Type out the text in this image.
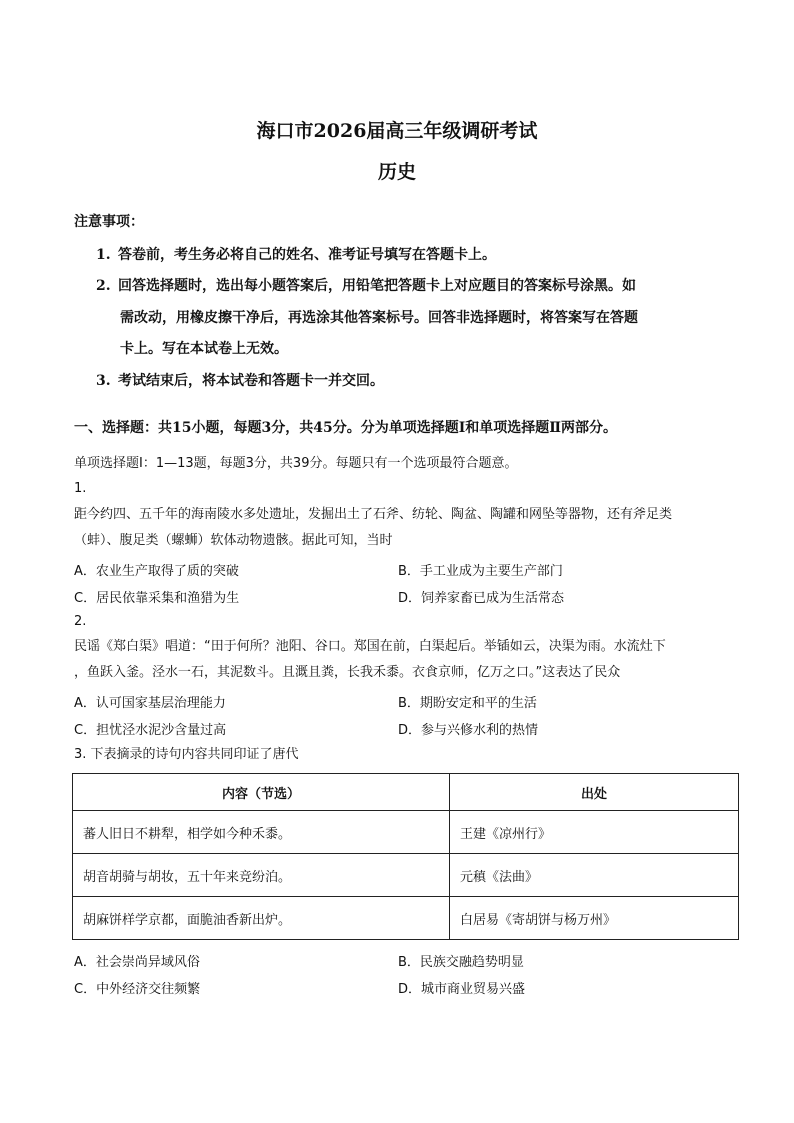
海口市2026届高三年级调研考试
历史
注意事项：
1. 答卷前，考生务必将自己的姓名、准考证号填写在答题卡上。
2. 回答选择题时，选出每小题答案后，用铅笔把答题卡上对应题目的答案标号涂黑。如
需改动，用橡皮擦干净后，再选涂其他答案标号。回答非选择题时，将答案写在答题
卡上。写在本试卷上无效。
3. 考试结束后，将本试卷和答题卡一并交回。
一、选择题：共15小题，每题3分，共45分。分为单项选择题Ⅰ和单项选择题Ⅱ两部分。
单项选择题Ⅰ：1—13题，每题3分，共39分。每题只有一个选项最符合题意。
1.
距今约四、五千年的海南陵水多处遗址，发掘出土了石斧、纺轮、陶盆、陶罐和网坠等器物，还有斧足类
（蚌）、腹足类（螺蛳）软体动物遗骸。据此可知，当时
A．农业生产取得了质的突破	B．手工业成为主要生产部门
C．居民依靠采集和渔猎为生	D．饲养家畜已成为生活常态
2.
民谣《郑白渠》唱道：“田于何所？池阳、谷口。郑国在前，白渠起后。举锸如云，决渠为雨。水流灶下
，鱼跃入釜。泾水一石，其泥数斗。且溉且粪，长我禾黍。衣食京师，亿万之口。”这表达了民众
A．认可国家基层治理能力	B．期盼安定和平的生活
C．担忧泾水泥沙含量过高	D．参与兴修水利的热情
3. 下表摘录的诗句内容共同印证了唐代
内容（节选）	出处
蕃人旧日不耕犁，相学如今种禾黍。	王建《凉州行》
胡音胡骑与胡妆，五十年来竞纷泊。	元稹《法曲》
胡麻饼样学京都，面脆油香新出炉。	白居易《寄胡饼与杨万州》
A．社会崇尚异域风俗	B．民族交融趋势明显
C．中外经济交往频繁	D．城市商业贸易兴盛
